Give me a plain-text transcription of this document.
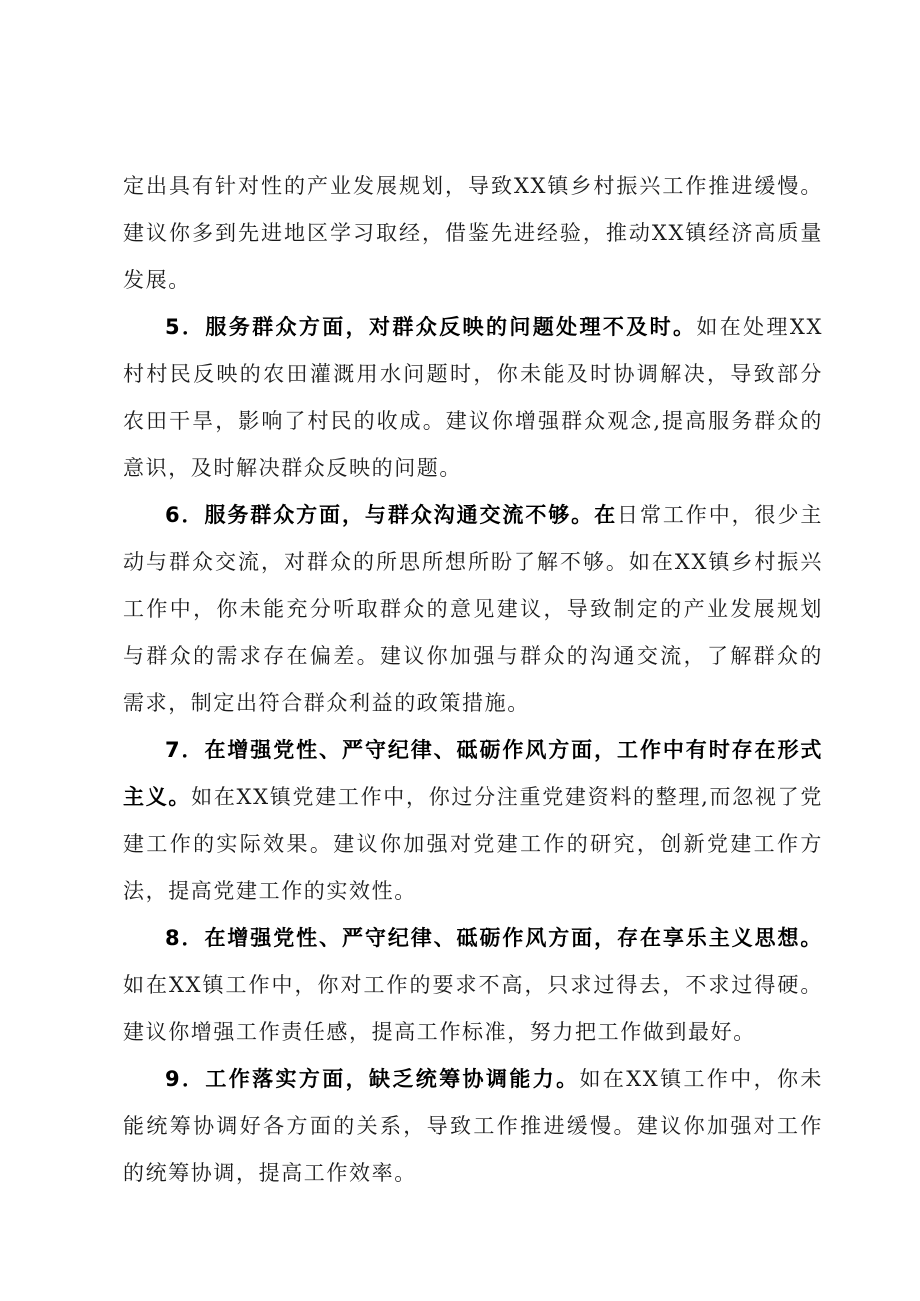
定出具有针对性的产业发展规划，导致XX镇乡村振兴工作推进缓慢。建议你多到先进地区学习取经，借鉴先进经验，推动XX镇经济高质量发展。

5．服务群众方面，对群众反映的问题处理不及时。如在处理XX村村民反映的农田灌溉用水问题时，你未能及时协调解决，导致部分农田干旱，影响了村民的收成。建议你增强群众观念,提高服务群众的意识，及时解决群众反映的问题。

6．服务群众方面，与群众沟通交流不够。在日常工作中，很少主动与群众交流，对群众的所思所想所盼了解不够。如在XX镇乡村振兴工作中，你未能充分听取群众的意见建议，导致制定的产业发展规划与群众的需求存在偏差。建议你加强与群众的沟通交流，了解群众的需求，制定出符合群众利益的政策措施。

7．在增强党性、严守纪律、砥砺作风方面，工作中有时存在形式主义。如在XX镇党建工作中，你过分注重党建资料的整理,而忽视了党建工作的实际效果。建议你加强对党建工作的研究，创新党建工作方法，提高党建工作的实效性。

8．在增强党性、严守纪律、砥砺作风方面，存在享乐主义思想。如在XX镇工作中，你对工作的要求不高，只求过得去，不求过得硬。建议你增强工作责任感，提高工作标准，努力把工作做到最好。

9．工作落实方面，缺乏统筹协调能力。如在XX镇工作中，你未能统筹协调好各方面的关系，导致工作推进缓慢。建议你加强对工作的统筹协调，提高工作效率。
